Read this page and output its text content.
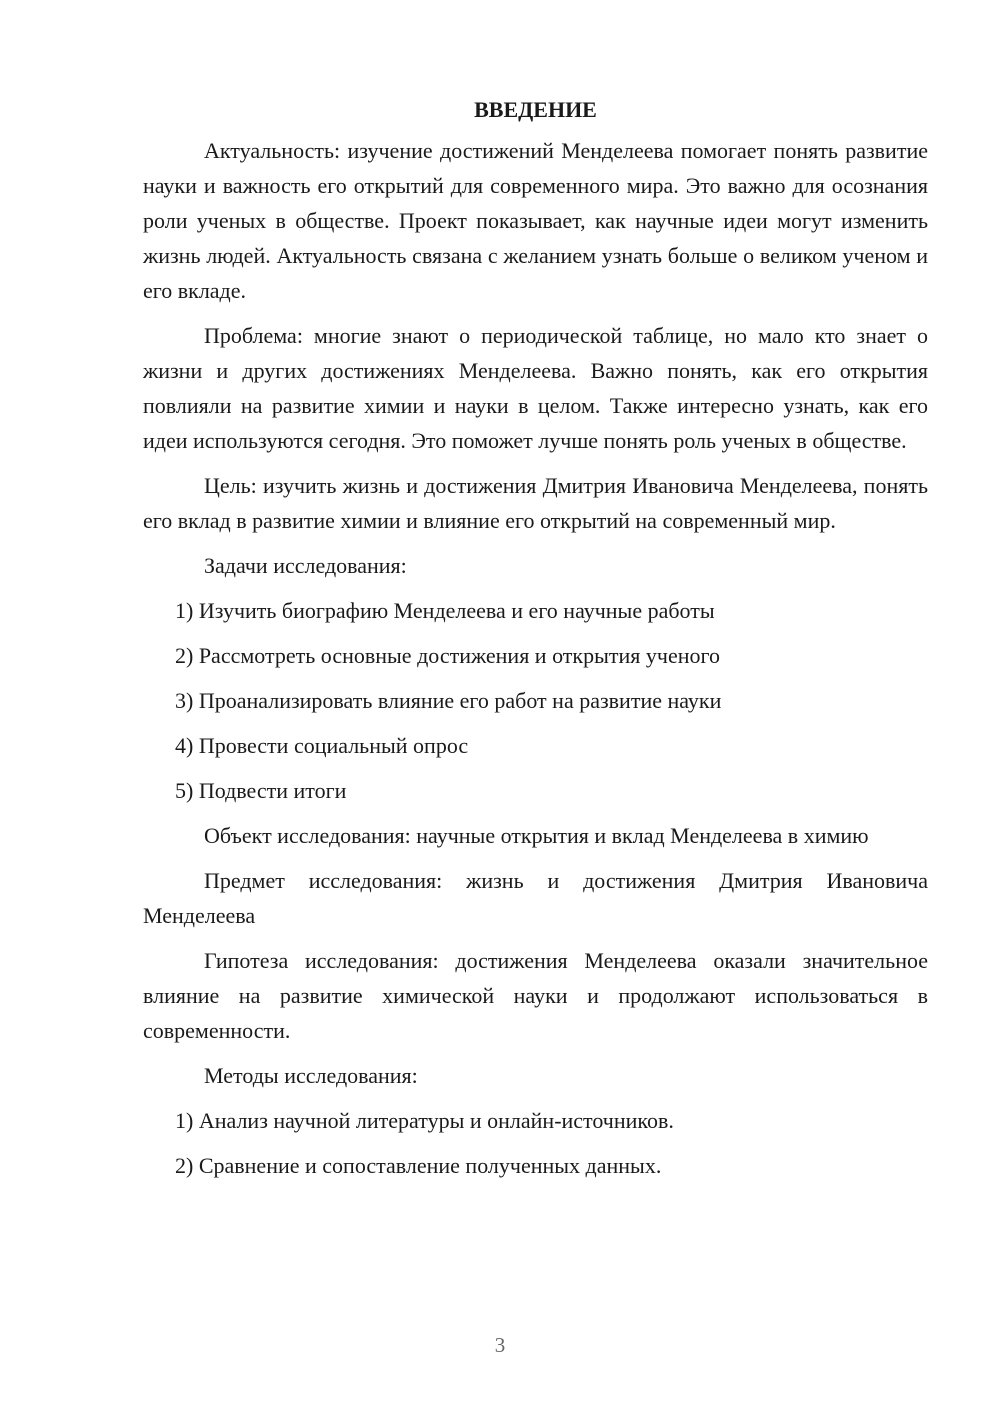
ВВЕДЕНИЕ

Актуальность: изучение достижений Менделеева помогает понять развитие науки и важность его открытий для современного мира. Это важно для осознания роли ученых в обществе. Проект показывает, как научные идеи могут изменить жизнь людей. Актуальность связана с желанием узнать больше о великом ученом и его вкладе.

Проблема: многие знают о периодической таблице, но мало кто знает о жизни и других достижениях Менделеева. Важно понять, как его открытия повлияли на развитие химии и науки в целом. Также интересно узнать, как его идеи используются сегодня. Это поможет лучше понять роль ученых в обществе.

Цель: изучить жизнь и достижения Дмитрия Ивановича Менделеева, понять его вклад в развитие химии и влияние его открытий на современный мир.

Задачи исследования:

1) Изучить биографию Менделеева и его научные работы
2) Рассмотреть основные достижения и открытия ученого
3) Проанализировать влияние его работ на развитие науки
4) Провести социальный опрос
5) Подвести итоги

Объект исследования: научные открытия и вклад Менделеева в химию

Предмет исследования: жизнь и достижения Дмитрия Ивановича Менделеева

Гипотеза исследования: достижения Менделеева оказали значительное влияние на развитие химической науки и продолжают использоваться в современности.

Методы исследования:

1) Анализ научной литературы и онлайн-источников.
2) Сравнение и сопоставление полученных данных.
3
